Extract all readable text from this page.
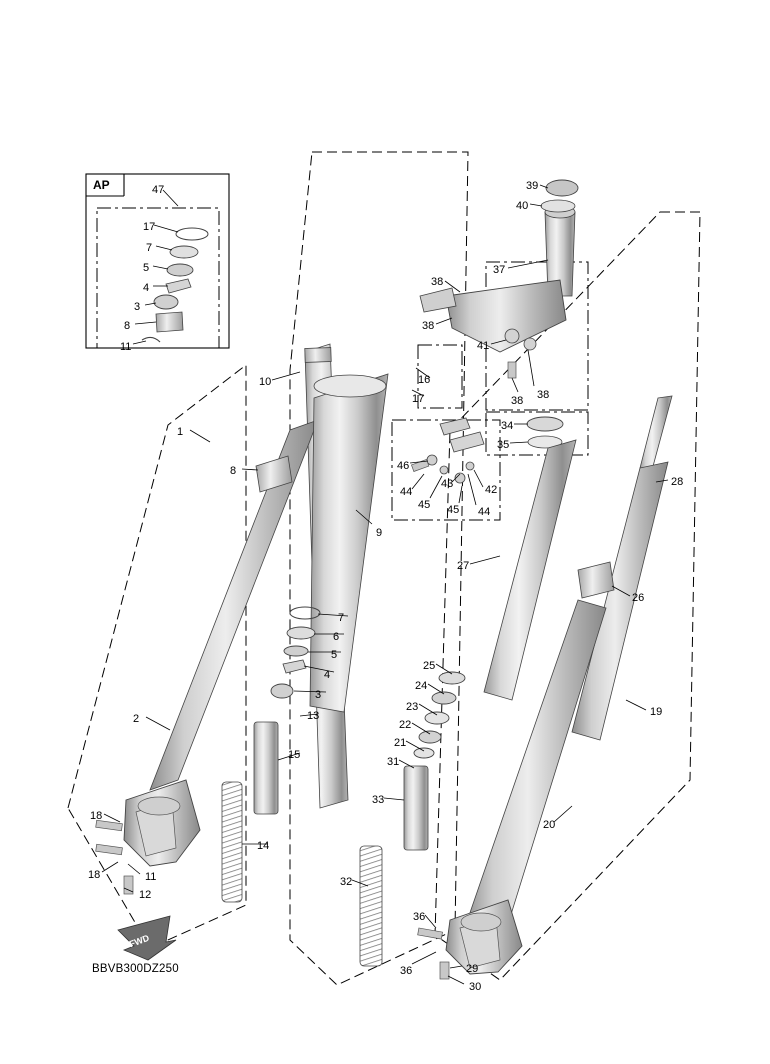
47
17
7
5
4
3
8
11
39
40
37
38
38
41
38
38
10	16
17
1	34
35
46
44
43	42
45 45 44
8
28
9
27
26
7
6
5
4
3
25
24
23
22
21
19
13
2
15
31
33
18
18	11
12
14
20
32
36
36	29
30
AP
BBVB300DZ250
FWD
